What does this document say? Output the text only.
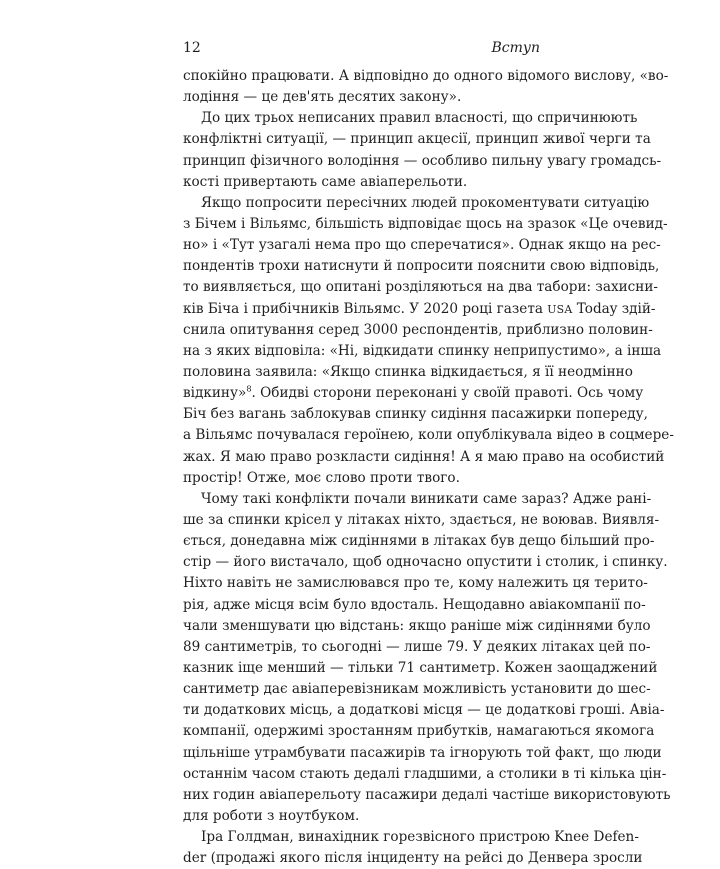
12	Вступ
спокійно працювати. А відповідно до одного відомого вислову, «во-
лодіння — це дев'ять десятих закону».
До цих трьох неписаних правил власності, що спричинюють
конфліктні ситуації, — принцип акцесії, принцип живої черги та
принцип фізичного володіння — особливо пильну увагу громадсь-
кості привертають саме авіаперельоти.
Якщо попросити пересічних людей прокоментувати ситуацію
з Бічем і Вільямс, більшість відповідає щось на зразок «Це очевид-
но» і «Тут узагалі нема про що сперечатися». Однак якщо на рес-
пондентів трохи натиснути й попросити пояснити свою відповідь,
то виявляється, що опитані розділяються на два табори: захисни-
ків Біча і прибічників Вільямс. У 2020 році газета USA Today здій-
снила опитування серед 3000 респондентів, приблизно половин-
на з яких відповіла: «Ні, відкидати спинку неприпустимо», а інша
половина заявила: «Якщо спинка відкидається, я її неодмінно
відкину»$^8$. Обидві сторони переконані у своїй правоті. Ось чому
Біч без вагань заблокував спинку сидіння пасажирки попереду,
а Вільямс почувалася героїнею, коли опублікувала відео в соцмере-
жах. Я маю право розкласти сидіння! А я маю право на особистий
простір! Отже, моє слово проти твого.
Чому такі конфлікти почали виникати саме зараз? Адже рані-
ше за спинки крісел у літаках ніхто, здається, не воював. Виявля-
ється, донедавна між сидіннями в літаках був дещо більший про-
стір — його вистачало, щоб одночасно опустити і столик, і спинку.
Ніхто навіть не замислювався про те, кому належить ця терито-
рія, адже місця всім було вдосталь. Нещодавно авіакомпанії по-
чали зменшувати цю відстань: якщо раніше між сидіннями було
89 сантиметрів, то сьогодні — лише 79. У деяких літаках цей по-
казник іще менший — тільки 71 сантиметр. Кожен заощаджений
сантиметр дає авіаперевізникам можливість установити до шес-
ти додаткових місць, а додаткові місця — це додаткові гроші. Авіа-
компанії, одержимі зростанням прибутків, намагаються якомога
щільніше утрамбувати пасажирів та ігнорують той факт, що люди
останнім часом стають дедалі гладшими, а столики в ті кілька цін-
них годин авіаперельоту пасажири дедалі частіше використовують
для роботи з ноутбуком.
Іра Голдман, винахідник горезвісного пристрою Knee Defen-
der (продажі якого після інциденту на рейсі до Денвера зросли
